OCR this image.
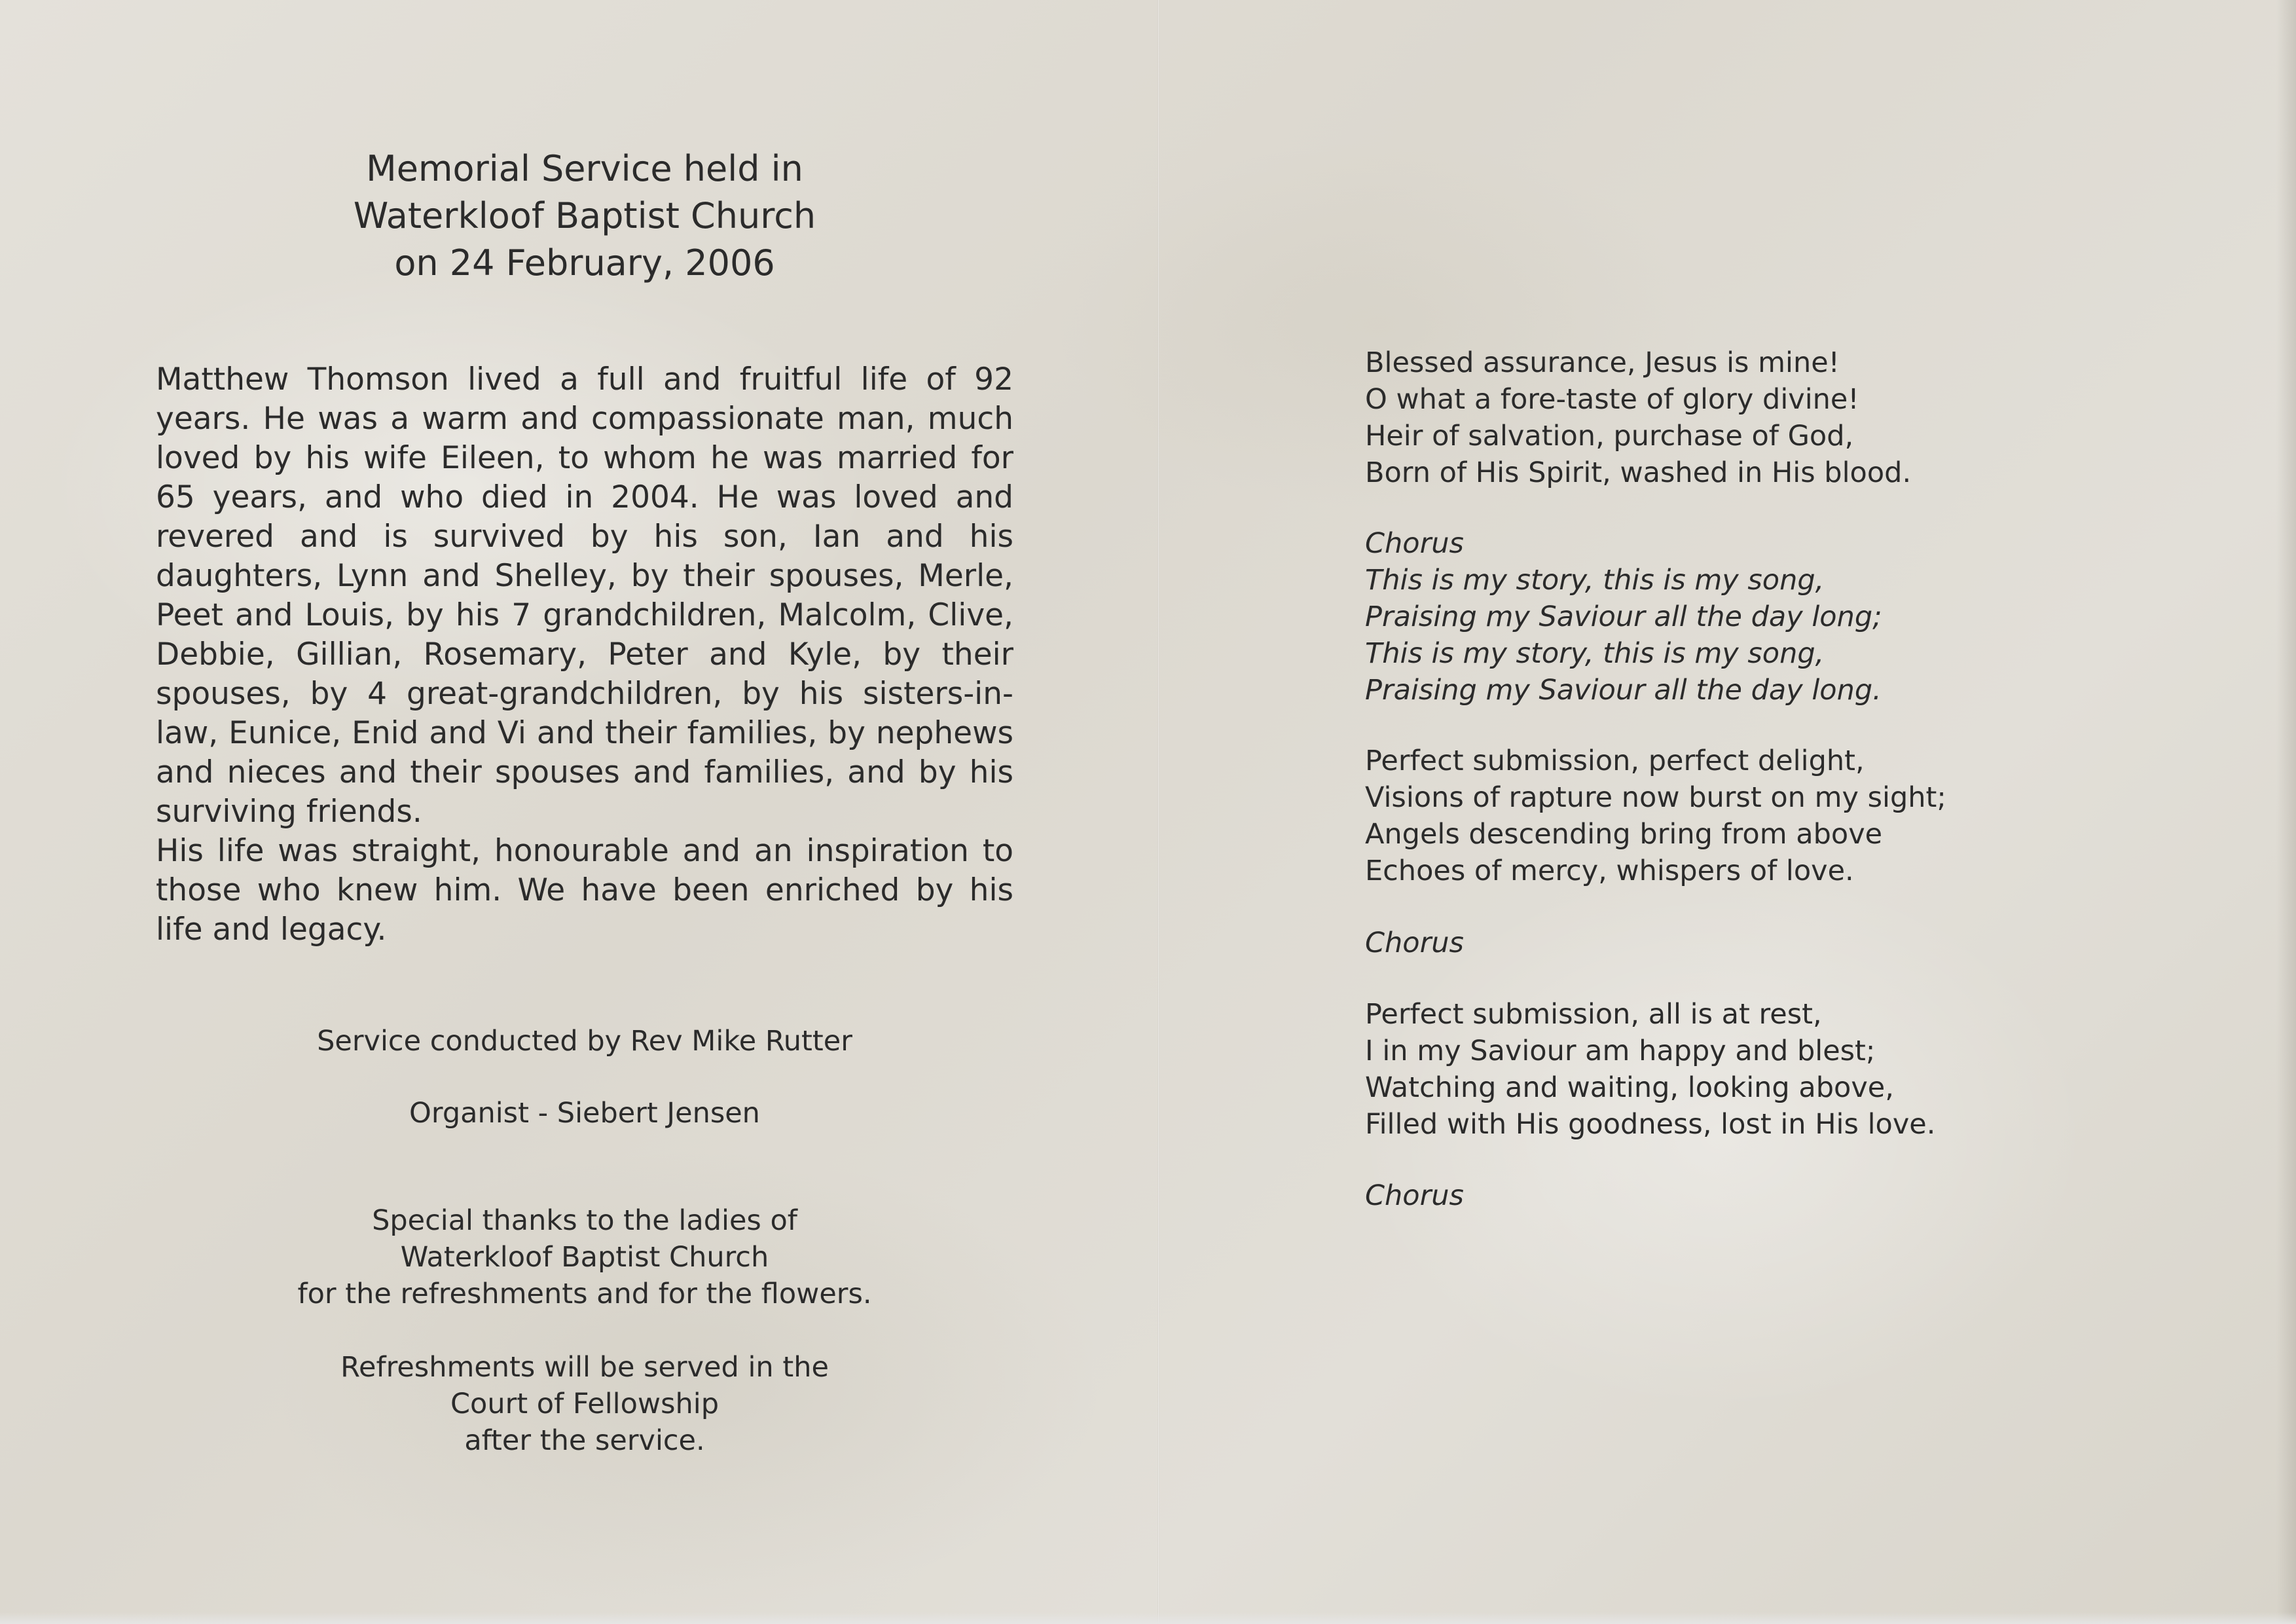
Memorial Service held in
Waterkloof Baptist Church
on 24 February, 2006
Matthew Thomson lived a full and fruitful life of 92 years. He was a warm and compassionate man, much loved by his wife Eileen, to whom he was married for 65 years, and who died in 2004. He was loved and revered and is survived by his son, Ian and his daughters, Lynn and Shelley, by their spouses, Merle, Peet and Louis, by his 7 grandchildren, Malcolm, Clive, Debbie, Gillian, Rosemary, Peter and Kyle, by their spouses, by 4 great-grandchildren, by his sisters-in-law, Eunice, Enid and Vi and their families, by nephews and nieces and their spouses and families, and by his surviving friends.
His life was straight, honourable and an inspiration to those who knew him. We have been enriched by his life and legacy.
Service conducted by Rev Mike Rutter
Organist - Siebert Jensen
Special thanks to the ladies of
Waterkloof Baptist Church
for the refreshments and for the flowers.
Refreshments will be served in the
Court of Fellowship
after the service.
Blessed assurance, Jesus is mine!
O what a fore-taste of glory divine!
Heir of salvation, purchase of God,
Born of His Spirit, washed in His blood.
Chorus
This is my story, this is my song,
Praising my Saviour all the day long;
This is my story, this is my song,
Praising my Saviour all the day long.
Perfect submission, perfect delight,
Visions of rapture now burst on my sight;
Angels descending bring from above
Echoes of mercy, whispers of love.
Chorus
Perfect submission, all is at rest,
I in my Saviour am happy and blest;
Watching and waiting, looking above,
Filled with His goodness, lost in His love.
Chorus
